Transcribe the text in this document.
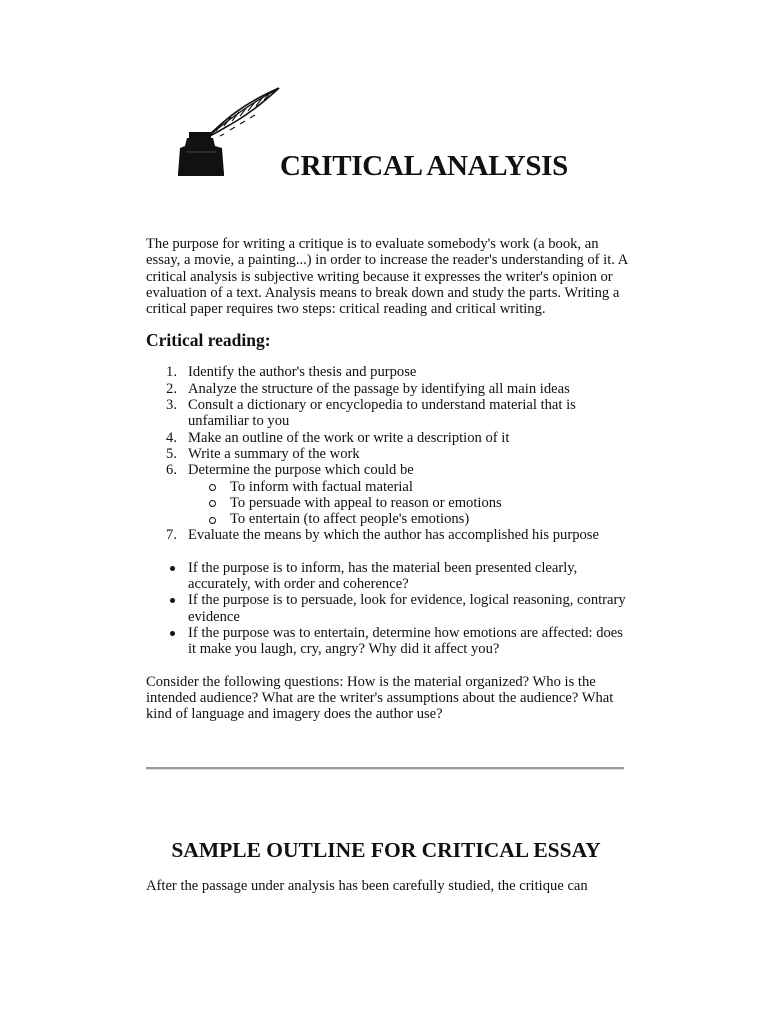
CRITICAL ANALYSIS

The purpose for writing a critique is to evaluate somebody's work (a book, an essay, a movie, a painting...) in order to increase the reader's understanding of it. A critical analysis is subjective writing because it expresses the writer's opinion or evaluation of a text. Analysis means to break down and study the parts. Writing a critical paper requires two steps: critical reading and critical writing.

Critical reading:
1. Identify the author's thesis and purpose
2. Analyze the structure of the passage by identifying all main ideas
3. Consult a dictionary or encyclopedia to understand material that is unfamiliar to you
4. Make an outline of the work or write a description of it
5. Write a summary of the work
6. Determine the purpose which could be
To inform with factual material
To persuade with appeal to reason or emotions
To entertain (to affect people's emotions)
7. Evaluate the means by which the author has accomplished his purpose
If the purpose is to inform, has the material been presented clearly, accurately, with order and coherence?
If the purpose is to persuade, look for evidence, logical reasoning, contrary evidence
If the purpose was to entertain, determine how emotions are affected: does it make you laugh, cry, angry? Why did it affect you?

Consider the following questions: How is the material organized? Who is the intended audience? What are the writer's assumptions about the audience? What kind of language and imagery does the author use?

SAMPLE OUTLINE FOR CRITICAL ESSAY

After the passage under analysis has been carefully studied, the critique can
